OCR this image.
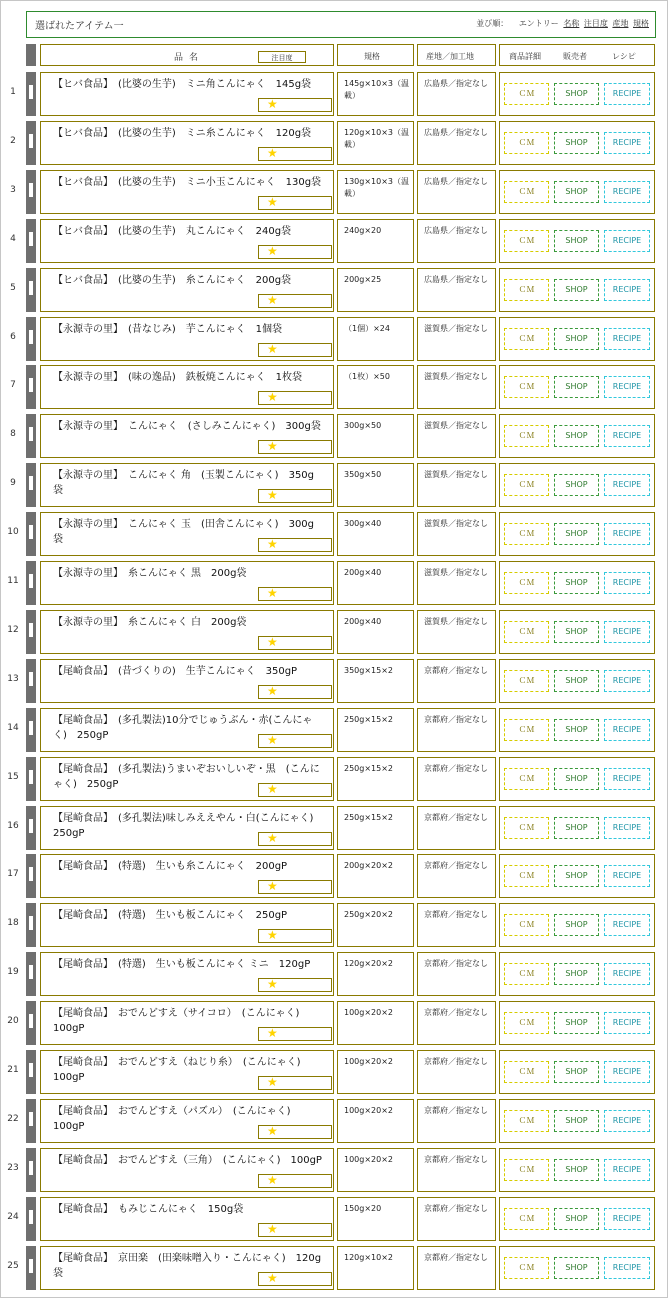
選ばれたアイテム一	並び順： エントリー 名称 注目度 産地 規格
品名	注目度	規格	産地／加工地	商品詳細	販売者	レシピ
1
【ヒバ食品】　(比婆の生芋)　ミニ角こんにゃく　145g袋
★
145g×10×3（温載）
広島県／指定なし
ＣＭ	SHOP	RECIPE
2
【ヒバ食品】　(比婆の生芋)　ミニ糸こんにゃく　120g袋
★
120g×10×3（温載）
広島県／指定なし
ＣＭ	SHOP	RECIPE
3
【ヒバ食品】　(比婆の生芋)　ミニ小玉こんにゃく　130g袋
★
130g×10×3（温載）
広島県／指定なし
ＣＭ	SHOP	RECIPE
4
【ヒバ食品】　(比婆の生芋)　丸こんにゃく　240g袋
★
240g×20	広島県／指定なし
ＣＭ	SHOP	RECIPE
5
【ヒバ食品】　(比婆の生芋)　糸こんにゃく　200g袋
★
200g×25	広島県／指定なし
ＣＭ	SHOP	RECIPE
6
【永源寺の里】　(昔なじみ)　芋こんにゃく　1個袋
★
（1個）×24	滋賀県／指定なし
ＣＭ	SHOP	RECIPE
7
【永源寺の里】　(味の逸品)　鉄板焼こんにゃく　1枚袋
★
（1枚）×50	滋賀県／指定なし
ＣＭ	SHOP	RECIPE
8
【永源寺の里】　こんにゃく　(さしみこんにゃく)　300g袋
★
300g×50	滋賀県／指定なし
ＣＭ	SHOP	RECIPE
9
【永源寺の里】　こんにゃく 角　(玉製こんにゃく)　350g袋	★
350g×50	滋賀県／指定なし
ＣＭ	SHOP	RECIPE
10
【永源寺の里】　こんにゃく 玉　(田舎こんにゃく)　300g袋	★
300g×40	滋賀県／指定なし
ＣＭ	SHOP	RECIPE
11
【永源寺の里】　糸こんにゃく 黒　200g袋
★
200g×40	滋賀県／指定なし
ＣＭ	SHOP	RECIPE
12
【永源寺の里】　糸こんにゃく 白　200g袋
★
200g×40	滋賀県／指定なし
ＣＭ	SHOP	RECIPE
13
【尾崎食品】　(昔づくりの)　生芋こんにゃく　350gP
★
350g×15×2	京都府／指定なし
ＣＭ	SHOP	RECIPE
14
【尾崎食品】　(多孔製法)10分でじゅうぶん・赤(こんにゃく)　250gP	★
250g×15×2	京都府／指定なし
ＣＭ	SHOP	RECIPE
15
【尾崎食品】　(多孔製法)うまいぞおいしいぞ・黒　(こんにゃく)　250gP	★
250g×15×2	京都府／指定なし
ＣＭ	SHOP	RECIPE
16
【尾崎食品】　(多孔製法)味しみええやん・白(こんにゃく)　250gP	★
250g×15×2	京都府／指定なし
ＣＭ	SHOP	RECIPE
17
【尾崎食品】　(特選)　生いも糸こんにゃく　200gP
★
200g×20×2	京都府／指定なし
ＣＭ	SHOP	RECIPE
18
【尾崎食品】　(特選)　生いも板こんにゃく　250gP
★
250g×20×2	京都府／指定なし
ＣＭ	SHOP	RECIPE
19
【尾崎食品】　(特選)　生いも板こんにゃく ミニ　120gP
★
120g×20×2	京都府／指定なし
ＣＭ	SHOP	RECIPE
20
【尾崎食品】　おでんどすえ（サイコロ）　(こんにゃく)　100gP	★
100g×20×2	京都府／指定なし
ＣＭ	SHOP	RECIPE
21
【尾崎食品】　おでんどすえ（ねじり糸）　(こんにゃく)　100gP	★
100g×20×2	京都府／指定なし
ＣＭ	SHOP	RECIPE
22
【尾崎食品】　おでんどすえ（パズル）　(こんにゃく)　100gP	★
100g×20×2	京都府／指定なし
ＣＭ	SHOP	RECIPE
23
【尾崎食品】　おでんどすえ（三角）　(こんにゃく)　100gP
★
100g×20×2	京都府／指定なし
ＣＭ	SHOP	RECIPE
24
【尾崎食品】　もみじこんにゃく　150g袋
★
150g×20	京都府／指定なし
ＣＭ	SHOP	RECIPE
25
【尾崎食品】　京田楽　(田楽味噌入り・こんにゃく)　120g袋	★
120g×10×2	京都府／指定なし
ＣＭ	SHOP	RECIPE
